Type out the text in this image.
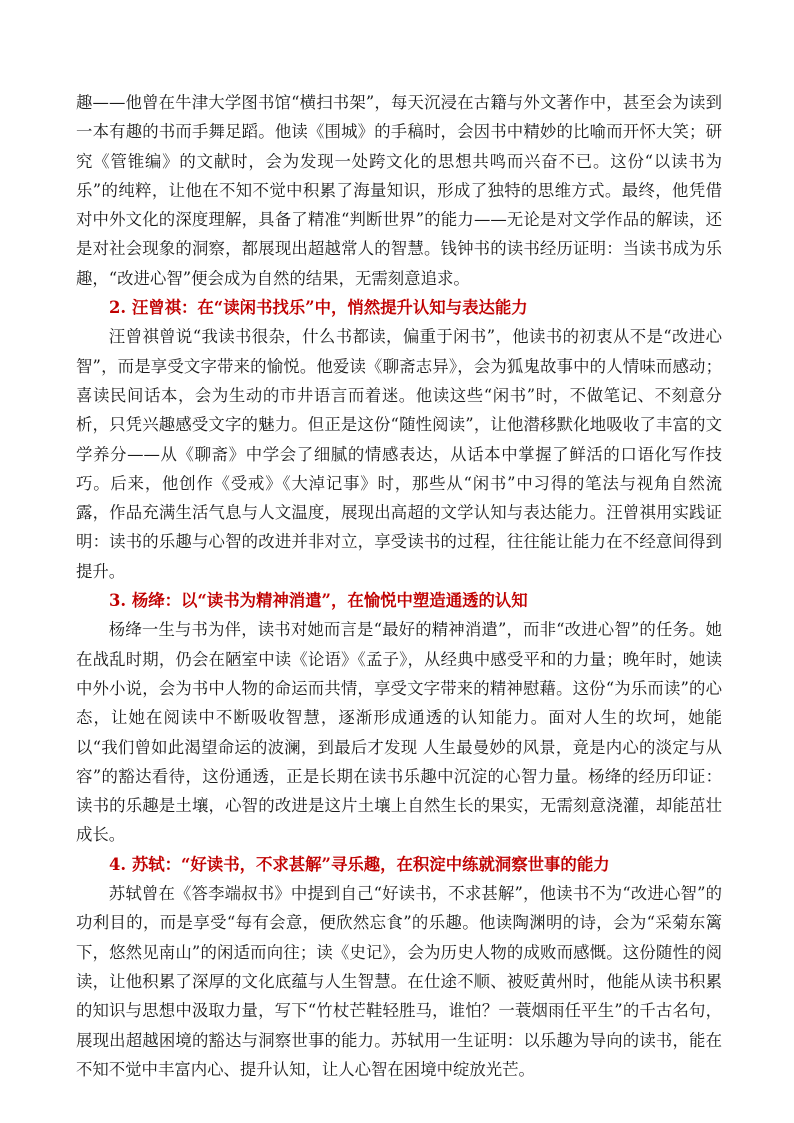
趣——他曾在牛津大学图书馆“横扫书架”，每天沉浸在古籍与外文著作中，甚至会为读到一本有趣的书而手舞足蹈。他读《围城》的手稿时，会因书中精妙的比喻而开怀大笑；研究《管锥编》的文献时，会为发现一处跨文化的思想共鸣而兴奋不已。这份“以读书为乐”的纯粹，让他在不知不觉中积累了海量知识，形成了独特的思维方式。最终，他凭借对中外文化的深度理解，具备了精准“判断世界”的能力——无论是对文学作品的解读，还是对社会现象的洞察，都展现出超越常人的智慧。钱钟书的读书经历证明：当读书成为乐趣，“改进心智”便会成为自然的结果，无需刻意追求。

2. 汪曾祺：在“读闲书找乐”中，悄然提升认知与表达能力

汪曾祺曾说“我读书很杂，什么书都读，偏重于闲书”，他读书的初衷从不是“改进心智”，而是享受文字带来的愉悦。他爱读《聊斋志异》，会为狐鬼故事中的人情味而感动；喜读民间话本，会为生动的市井语言而着迷。他读这些“闲书”时，不做笔记、不刻意分析，只凭兴趣感受文字的魅力。但正是这份“随性阅读”，让他潜移默化地吸收了丰富的文学养分——从《聊斋》中学会了细腻的情感表达，从话本中掌握了鲜活的口语化写作技巧。后来，他创作《受戒》《大淖记事》时，那些从“闲书”中习得的笔法与视角自然流露，作品充满生活气息与人文温度，展现出高超的文学认知与表达能力。汪曾祺用实践证明：读书的乐趣与心智的改进并非对立，享受读书的过程，往往能让能力在不经意间得到提升。

3. 杨绛：以“读书为精神消遣”，在愉悦中塑造通透的认知

杨绛一生与书为伴，读书对她而言是“最好的精神消遣”，而非“改进心智”的任务。她在战乱时期，仍会在陋室中读《论语》《孟子》，从经典中感受平和的力量；晚年时，她读中外小说，会为书中人物的命运而共情，享受文字带来的精神慰藉。这份“为乐而读”的心态，让她在阅读中不断吸收智慧，逐渐形成通透的认知能力。面对人生的坎坷，她能以“我们曾如此渴望命运的波澜，到最后才发现 人生最曼妙的风景，竟是内心的淡定与从容”的豁达看待，这份通透，正是长期在读书乐趣中沉淀的心智力量。杨绛的经历印证：读书的乐趣是土壤，心智的改进是这片土壤上自然生长的果实，无需刻意浇灌，却能茁壮成长。

4. 苏轼：“好读书，不求甚解”寻乐趣，在积淀中练就洞察世事的能力

苏轼曾在《答李端叔书》中提到自己“好读书，不求甚解”，他读书不为“改进心智”的功利目的，而是享受“每有会意，便欣然忘食”的乐趣。他读陶渊明的诗，会为“采菊东篱下，悠然见南山”的闲适而向往；读《史记》，会为历史人物的成败而感慨。这份随性的阅读，让他积累了深厚的文化底蕴与人生智慧。在仕途不顺、被贬黄州时，他能从读书积累的知识与思想中汲取力量，写下“竹杖芒鞋轻胜马，谁怕？一蓑烟雨任平生”的千古名句，展现出超越困境的豁达与洞察世事的能力。苏轼用一生证明：以乐趣为导向的读书，能在不知不觉中丰富内心、提升认知，让人心智在困境中绽放光芒。
